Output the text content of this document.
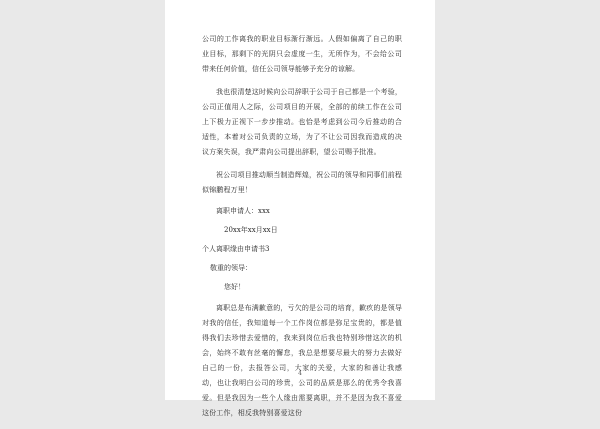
公司的工作离我的职业目标渐行渐远。人假如偏离了自己的职业目标，那剩下的光阴只会虚度一生，无所作为，不会给公司带来任何价值，信任公司领导能够予充分的谅解。

我也很清楚这时候向公司辞职于公司于自己都是一个考验，公司正值用人之际，公司项目的开展，全部的前续工作在公司上下极力正视下一步步推动。也恰是考虑到公司今后推动的合适性，本着对公司负责的立场，为了不让公司因我而造成的决议方案失误，我严肃向公司提出辞职，望公司赐予批准。

祝公司项目推动顺当制造辉煌，祝公司的领导和同事们前程似锦鹏程万里！

离职申请人：xxx
20xx年xx月xx日
个人离职缘由申请书3
敬重的领导：
您好！

离职总是布满歉意的，亏欠的是公司的培育，歉疚的是领导对我的信任，我知道每一个工作岗位都是弥足宝贵的，都是值得我们去珍惜去爱惜的，我来到岗位后我也特别珍惜这次的机会，始终不敢有丝毫的懈怠，我总是想要尽最大的努力去做好自己的一份，去报答公司，大家的关爱，大家的和善让我感动，也让我明白公司的珍贵，公司的品质是那么的优秀令我喜爱。但是我因为一些个人缘由需要离职，并不是因为我不喜爱这份工作，相反我特别喜爱这份

4
